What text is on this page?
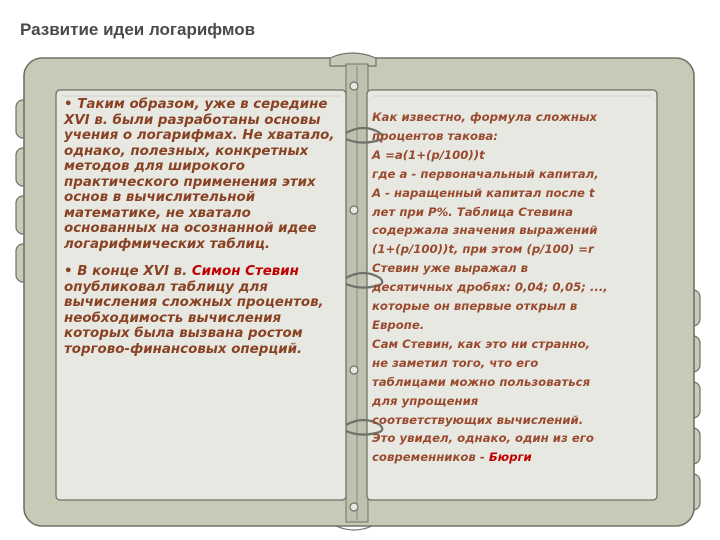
Развитие идеи логарифмов

• Таким образом, уже в середине XVI в. были разработаны основы учения о логарифмах. Не хватало, однако, полезных, конкретных методов для широкого практического применения этих основ в вычислительной математике, не хватало основанных на осознанной идее логарифмических таблиц.

• В конце XVI в. Симон Стевин опубликовал таблицу для вычисления сложных процентов, необходимость вычисления которых была вызвана ростом торгово-финансовых оперций.

Как известно, формула сложных
процентов такова:
A =a(1+(p/100))t
где a - первоначальный капитал,
A - наращенный капитал после t
лет при P%. Таблица Стевина
содержала значения выражений
(1+(p/100))t, при этом (p/100) =r
Стевин уже выражал в
десятичных дробях: 0,04; 0,05; ...,
которые он впервые открыл в
Европе.
Сам Стевин, как это ни странно,
не заметил того, что его
таблицами можно пользоваться
для упрощения
соответствующих вычислений.
Это увидел, однако, один из его
современников - Бюрги
